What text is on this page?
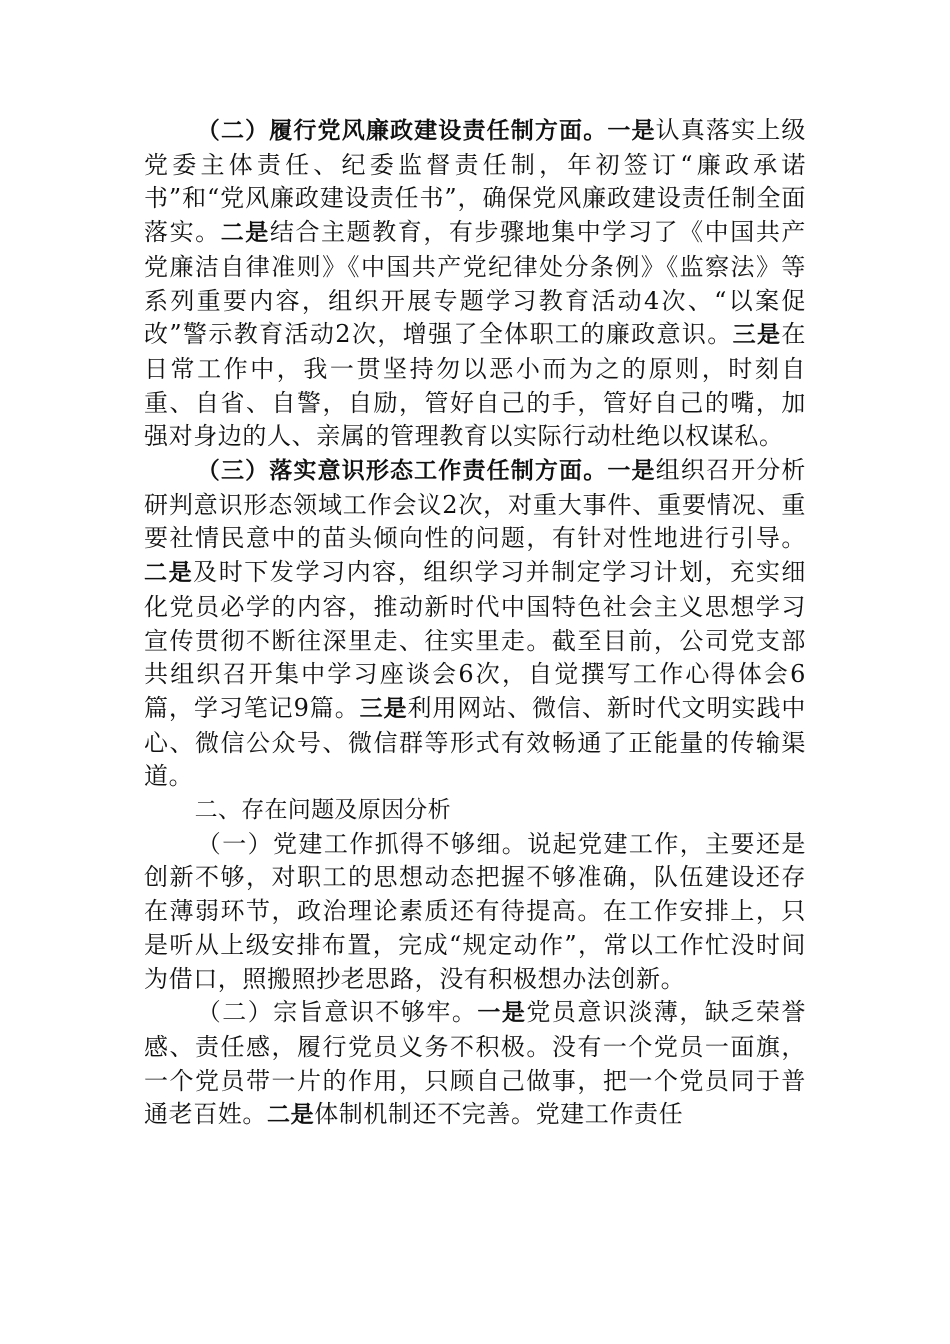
（二）履行党风廉政建设责任制方面。一是认真落实上级党委主体责任、纪委监督责任制，年初签订“廉政承诺书”和“党风廉政建设责任书”，确保党风廉政建设责任制全面落实。二是结合主题教育，有步骤地集中学习了《中国共产党廉洁自律准则》《中国共产党纪律处分条例》《监察法》等系列重要内容，组织开展专题学习教育活动4次、“以案促改”警示教育活动2次，增强了全体职工的廉政意识。三是在日常工作中，我一贯坚持勿以恶小而为之的原则，时刻自重、自省、自警，自励，管好自己的手，管好自己的嘴，加强对身边的人、亲属的管理教育以实际行动杜绝以权谋私。

（三）落实意识形态工作责任制方面。一是组织召开分析研判意识形态领域工作会议2次，对重大事件、重要情况、重要社情民意中的苗头倾向性的问题，有针对性地进行引导。二是及时下发学习内容，组织学习并制定学习计划，充实细化党员必学的内容，推动新时代中国特色社会主义思想学习宣传贯彻不断往深里走、往实里走。截至目前，公司党支部共组织召开集中学习座谈会6次，自觉撰写工作心得体会6篇，学习笔记9篇。三是利用网站、微信、新时代文明实践中心、微信公众号、微信群等形式有效畅通了正能量的传输渠道。

二、存在问题及原因分析

（一）党建工作抓得不够细。说起党建工作，主要还是创新不够，对职工的思想动态把握不够准确，队伍建设还存在薄弱环节，政治理论素质还有待提高。在工作安排上，只是听从上级安排布置，完成“规定动作”，常以工作忙没时间为借口，照搬照抄老思路，没有积极想办法创新。

（二）宗旨意识不够牢。一是党员意识淡薄，缺乏荣誉感、责任感，履行党员义务不积极。没有一个党员一面旗，一个党员带一片的作用，只顾自己做事，把一个党员同于普通老百姓。二是体制机制还不完善。党建工作责任
